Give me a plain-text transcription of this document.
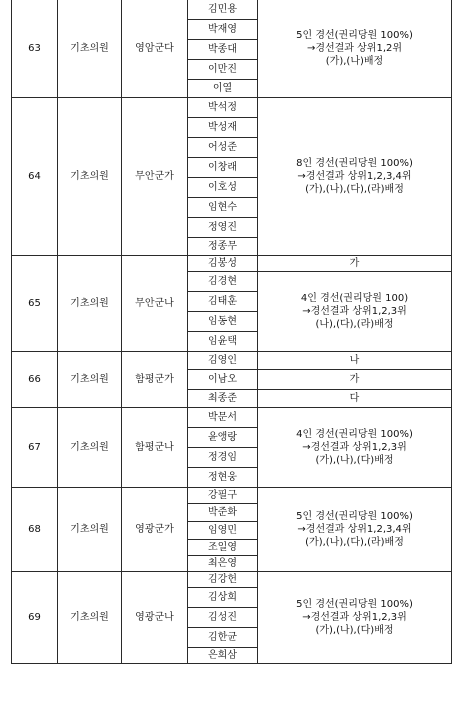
63	기초의원	영암군다	김민용	5인 경선(권리당원 100%)
→경선결과 상위1,2위
(가),(나)배정

			박재영	
			박종대	
			이만진	
			이열	
64	기초의원	무안군가	박석정	8인 경선(권리당원 100%)
→경선결과 상위1,2,3,4위
(가),(나),(다),(라)배정

			박성재	
			어성준	
			이창래	
			이호성	
			임현수	
			정영진	
			정종무	
65	기초의원	무안군나	김봉성	가
			김경현	4인 경선(권리당원 100)
→경선결과 상위1,2,3위
(나),(다),(라)배정

			김태훈	
			임동현	
			임윤택	
66	기초의원	함평군가	김영인	나
			이남오	가
			최종준	다
67	기초의원	함평군나	박문서	4인 경선(권리당원 100%)
→경선결과 상위1,2,3위
(가),(나),(다)배정

			윤앵랑	
			정경임	
			정현웅	
68	기초의원	영광군가	강필구	5인 경선(권리당원 100%)
→경선결과 상위1,2,3,4위
(가),(나),(다),(라)배정

			박준화	
			임영민	
			조일영	
			최은영	
69	기초의원	영광군나	김강헌	5인 경선(권리당원 100%)
→경선결과 상위1,2,3위
(가),(나),(다)배정

			김상희	
			김성진	
			김한균	
			은희삼	
